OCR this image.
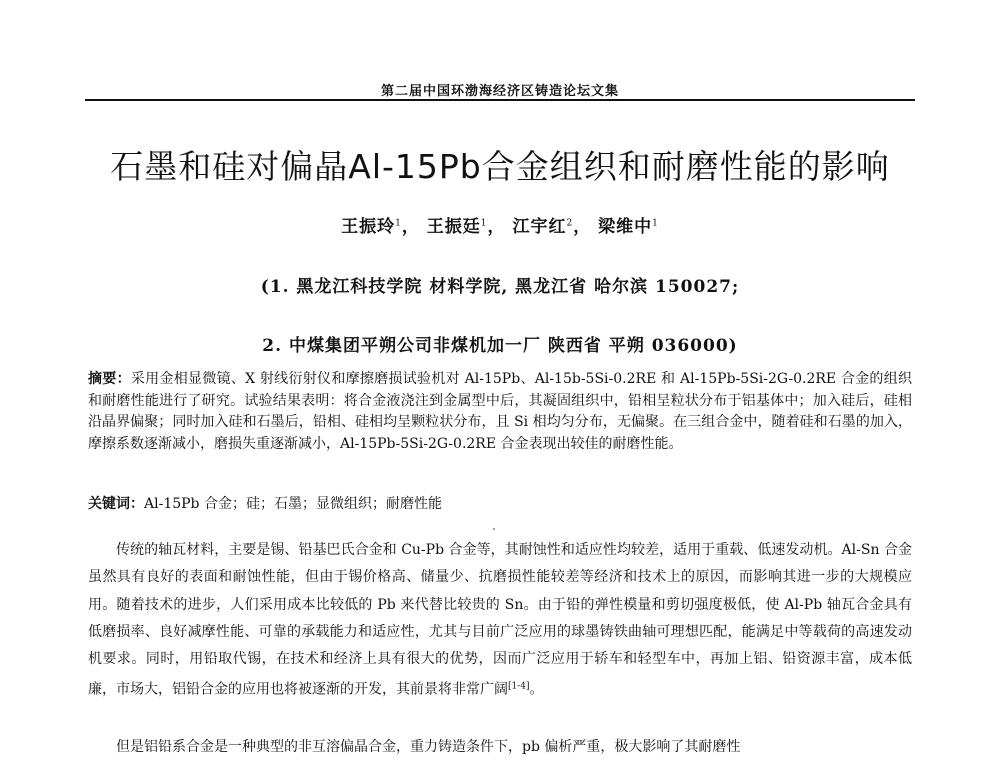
第二届中国环渤海经济区铸造论坛文集
石墨和硅对偏晶Al-15Pb合金组织和耐磨性能的影响
王振玲$^1$， 王振廷$^1$， 江宇红$^2$， 梁维中$^1$
(1. 黑龙江科技学院 材料学院, 黑龙江省 哈尔滨 150027;
2. 中煤集团平朔公司非煤机加一厂 陕西省 平朔 036000)
摘要：采用金相显微镜、X 射线衍射仪和摩擦磨损试验机对 Al-15Pb、Al-15b-5Si-0.2RE 和 Al-15Pb-5Si-2G-0.2RE 合金的组织和耐磨性能进行了研究。试验结果表明：将合金液浇注到金属型中后，其凝固组织中，铅相呈粒状分布于铝基体中；加入硅后，硅相沿晶界偏聚；同时加入硅和石墨后，铅相、硅相均呈颗粒状分布，且 Si 相均匀分布，无偏聚。在三组合金中，随着硅和石墨的加入，摩擦系数逐渐减小，磨损失重逐渐减小，Al-15Pb-5Si-2G-0.2RE 合金表现出较佳的耐磨性能。
关键词：Al-15Pb 合金；硅；石墨；显微组织；耐磨性能
传统的轴瓦材料，主要是锡、铅基巴氏合金和 Cu-Pb 合金等，其耐蚀性和适应性均较差，适用于重载、低速发动机。Al-Sn 合金虽然具有良好的表面和耐蚀性能，但由于锡价格高、储量少、抗磨损性能较差等经济和技术上的原因，而影响其进一步的大规模应用。随着技术的进步，人们采用成本比较低的 Pb 来代替比较贵的 Sn。由于铅的弹性模量和剪切强度极低，使 Al-Pb 轴瓦合金具有低磨损率、良好减摩性能、可靠的承载能力和适应性，尤其与目前广泛应用的球墨铸铁曲轴可理想匹配，能满足中等载荷的高速发动机要求。同时，用铅取代锡，在技术和经济上具有很大的优势，因而广泛应用于轿车和轻型车中，再加上铝、铅资源丰富，成本低廉，市场大，铝铅合金的应用也将被逐渐的开发，其前景将非常广阔[1-4]。
但是铝铅系合金是一种典型的非互溶偏晶合金，重力铸造条件下，pb 偏析严重，极大影响了其耐磨性
